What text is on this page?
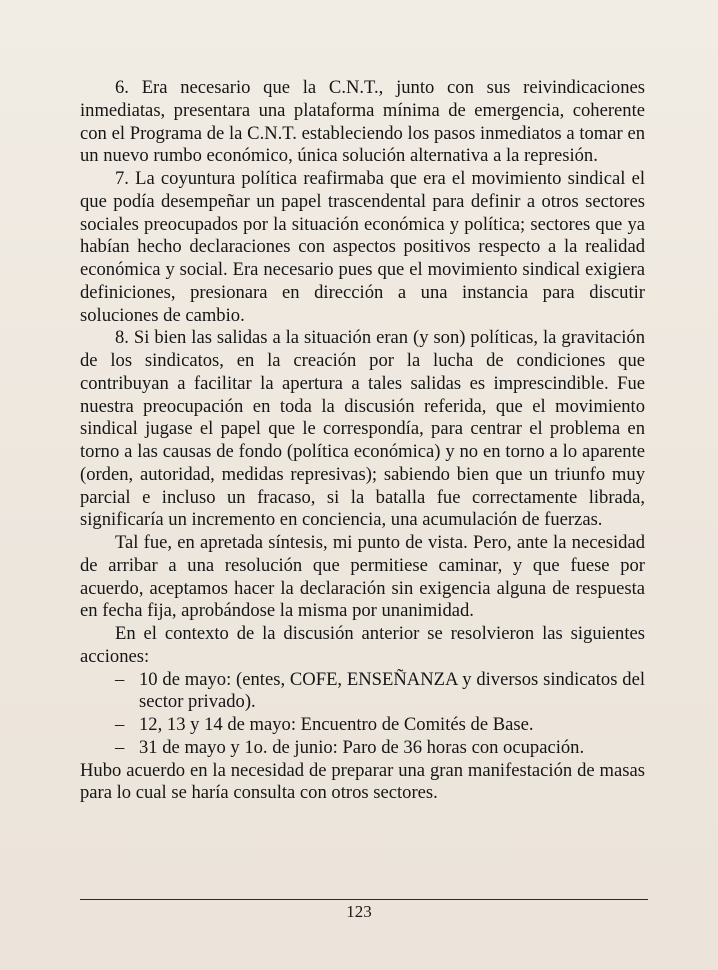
6. Era necesario que la C.N.T., junto con sus reivindicaciones inmediatas, presentara una plataforma mínima de emergencia, coherente con el Programa de la C.N.T. estableciendo los pasos inmediatos a tomar en un nuevo rumbo económico, única solución alternativa a la represión.

7. La coyuntura política reafirmaba que era el movimiento sindical el que podía desempeñar un papel trascendental para definir a otros sectores sociales preocupados por la situación económica y política; sectores que ya habían hecho declaraciones con aspectos positivos respecto a la realidad económica y social. Era necesario pues que el movimiento sindical exigiera definiciones, presionara en dirección a una instancia para discutir soluciones de cambio.

8. Si bien las salidas a la situación eran (y son) políticas, la gravitación de los sindicatos, en la creación por la lucha de condiciones que contribuyan a facilitar la apertura a tales salidas es imprescindible. Fue nuestra preocupación en toda la discusión referida, que el movimiento sindical jugase el papel que le correspondía, para centrar el problema en torno a las causas de fondo (política económica) y no en torno a lo aparente (orden, autoridad, medidas represivas); sabiendo bien que un triunfo muy parcial e incluso un fracaso, si la batalla fue correctamente librada, significaría un incremento en conciencia, una acumulación de fuerzas.

Tal fue, en apretada síntesis, mi punto de vista. Pero, ante la necesidad de arribar a una resolución que permitiese caminar, y que fuese por acuerdo, aceptamos hacer la declaración sin exigencia alguna de respuesta en fecha fija, aprobándose la misma por unanimidad.

En el contexto de la discusión anterior se resolvieron las siguientes acciones:

– 10 de mayo: (entes, COFE, ENSEÑANZA y diversos sindicatos del sector privado).
– 12, 13 y 14 de mayo: Encuentro de Comités de Base.
– 31 de mayo y 1o. de junio: Paro de 36 horas con ocupación.

Hubo acuerdo en la necesidad de preparar una gran manifestación de masas para lo cual se haría consulta con otros sectores.

123
